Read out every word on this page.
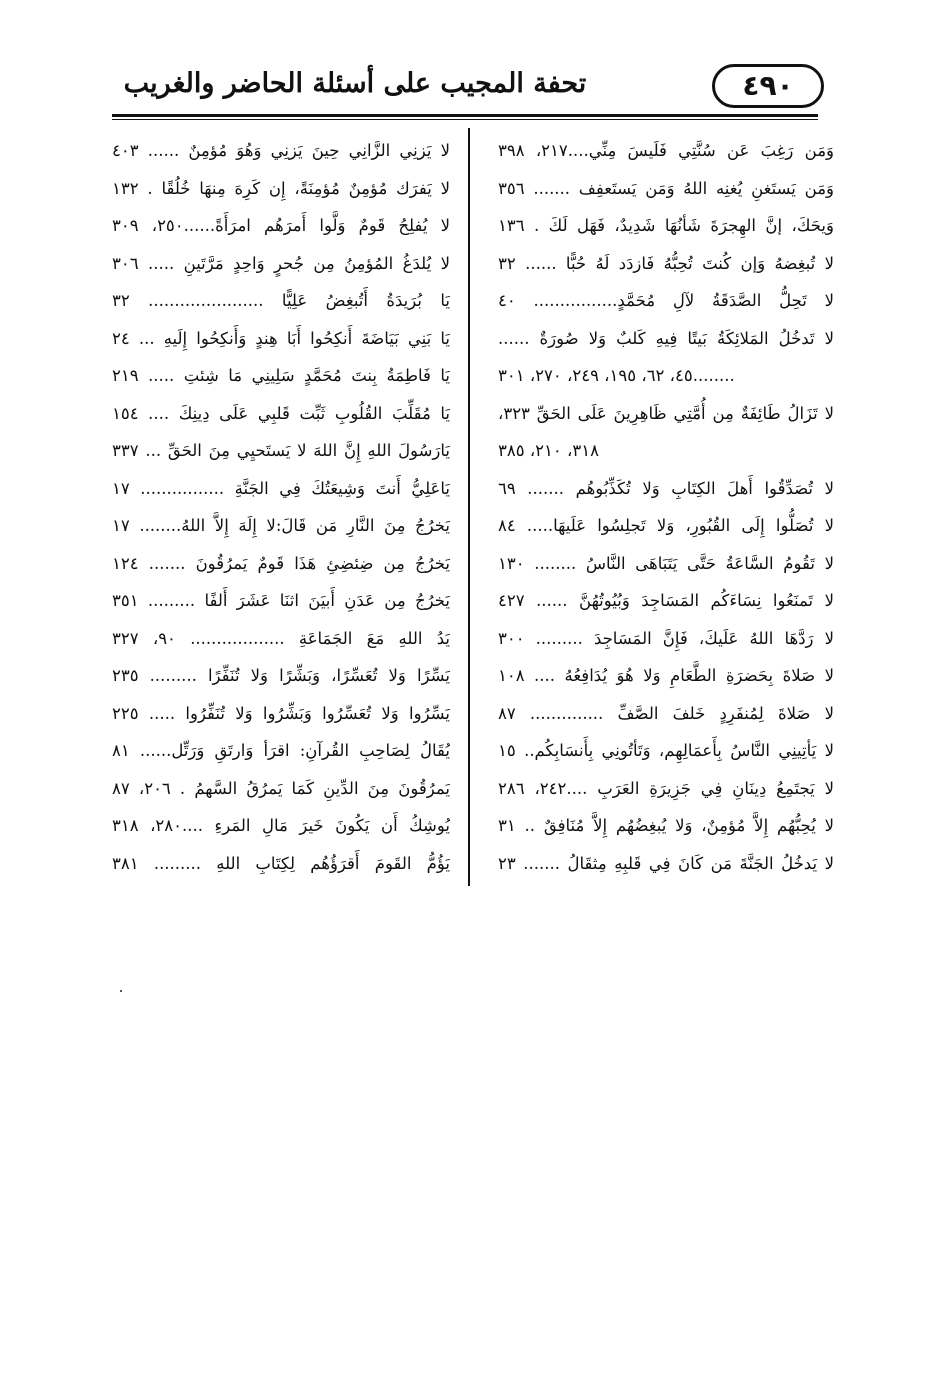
تحفة المجيب على أسئلة الحاضر والغريب	٤٩٠
وَمَن رَغِبَ عَن سُنَّتِي فَلَيسَ مِنِّي....٢١٧، ٣٩٨
وَمَن يَستَغنِ يُغنِه اللهُ وَمَن يَستَعفِف ....... ٣٥٦
وَيحَكَ، إنَّ الهِجرَةَ شَأنُهَا شَدِيدٌ، فَهَل لَكَ . ١٣٦
لا تُبغِضهُ وَإن كُنتَ تُحِبُّهُ فَازدَد لَهُ حُبًّا ...... ٣٢
لا تَحِلُّ الصَّدَقَةُ لآلِ مُحَمَّدٍ................ ٤٠
لا تَدخُلُ المَلائِكَةُ بَيتًا فِيهِ كَلبٌ وَلا صُورَةٌ ......
........٤٥، ٦٢، ١٩٥، ٢٤٩، ٢٧٠، ٣٠١
لا تَزَالُ طَائِفَةٌ مِن أُمَّتِي ظَاهِرِينَ عَلَى الحَقِّ ٣٢٣،
٣١٨، ٢١٠، ٣٨٥
لا تُصَدِّقُوا أَهلَ الكِتَابِ وَلا تُكَذِّبُوهُم ....... ٦٩
لا تُصَلُّوا إِلَى القُبُورِ، وَلا تَجلِسُوا عَلَيهَا..... ٨٤
لا تَقُومُ السَّاعَةُ حَتَّى يَتَبَاهَى النَّاسُ ........ ١٣٠
لا تَمنَعُوا نِسَاءَكُم المَسَاجِدَ وَبُيُوتُهُنَّ ...... ٤٢٧
لا رَدَّهَا اللهُ عَلَيكَ، فَإِنَّ المَسَاجِدَ ......... ٣٠٠
لا صَلاةَ بِحَضرَةِ الطَّعَامِ وَلا هُوَ يُدَافِعُهُ .... ١٠٨
لا صَلاةَ لِمُنفَرِدٍ خَلفَ الصَّفِّ .............. ٨٧
لا يَأتِينِي النَّاسُ بِأَعمَالِهِم، وَتَأتُونِي بِأَنسَابِكُم.. ١٥
لا يَجتَمِعُ دِينَانِ فِي جَزِيرَةِ العَرَبِ ....٢٤٢، ٢٨٦
لا يُحِبُّهُم إِلاَّ مُؤمِنٌ، وَلا يُبغِضُهُم إِلاَّ مُنَافِقٌ .. ٣١
لا يَدخُلُ الجَنَّةَ مَن كَانَ فِي قَلبِهِ مِثقَالُ ....... ٢٣
لا يَزنِي الزَّانِي حِينَ يَزنِي وَهُوَ مُؤمِنٌ ...... ٤٠٣
لا يَفرَك مُؤمِنٌ مُؤمِنَةً، إِن كَرِهَ مِنهَا خُلُقًا . ١٣٢
لا يُفلِحُ قَومٌ وَلَّوا أَمرَهُم امرَأَةً......٢٥٠، ٣٠٩
لا يُلدَغُ المُؤمِنُ مِن جُحرٍ وَاحِدٍ مَرَّتَينِ ..... ٣٠٦
يَا بُرَيدَةُ أَتُبغِضُ عَلِيًّا ...................... ٣٢
يَا بَنِي بَيَاضَةَ أَنكِحُوا أَبَا هِندٍ وَأَنكِحُوا إِلَيهِ ... ٢٤
يَا فَاطِمَةُ بِنتَ مُحَمَّدٍ سَلِينِي مَا شِئتِ ..... ٢١٩
يَا مُقَلِّبَ القُلُوبِ ثَبِّت قَلبِي عَلَى دِينِكَ .... ١٥٤
يَارَسُولَ اللهِ إِنَّ اللهَ لا يَستَحيِي مِنَ الحَقِّ ... ٣٣٧
يَاعَلِيُّ أَنتَ وَشِيعَتُكَ فِي الجَنَّةِ ................ ١٧
يَخرُجُ مِنَ النَّارِ مَن قَالَ:لا إِلَهَ إِلاَّ اللهُ........ ١٧
يَخرُجُ مِن ضِئضِئِ هَذَا قَومٌ يَمرُقُونَ ....... ١٢٤
يَخرُجُ مِن عَدَنِ أَبيَنَ اثنَا عَشَرَ أَلفًا ......... ٣٥١
يَدُ اللهِ مَعَ الجَمَاعَةِ .................. ٩٠، ٣٢٧
يَسِّرًا وَلا تُعَسِّرًا، وَبَشِّرًا وَلا تُنَفِّرًا ......... ٢٣٥
يَسِّرُوا وَلا تُعَسِّرُوا وَبَشِّرُوا وَلا تُنَفِّرُوا ..... ٢٢٥
يُقَالُ لِصَاحِبِ القُرآنِ: اقرَأ وَارتَقِ وَرَتِّل...... ٨١
يَمرُقُونَ مِنَ الدِّينِ كَمَا يَمرُقُ السَّهمُ . ٢٠٦، ٨٧
يُوشِكُ أَن يَكُونَ خَيرَ مَالِ المَرءِ ....٢٨٠، ٣١٨
يَؤُمُّ القَومَ أَقرَؤُهُم لِكِتَابِ اللهِ ......... ٣٨١
